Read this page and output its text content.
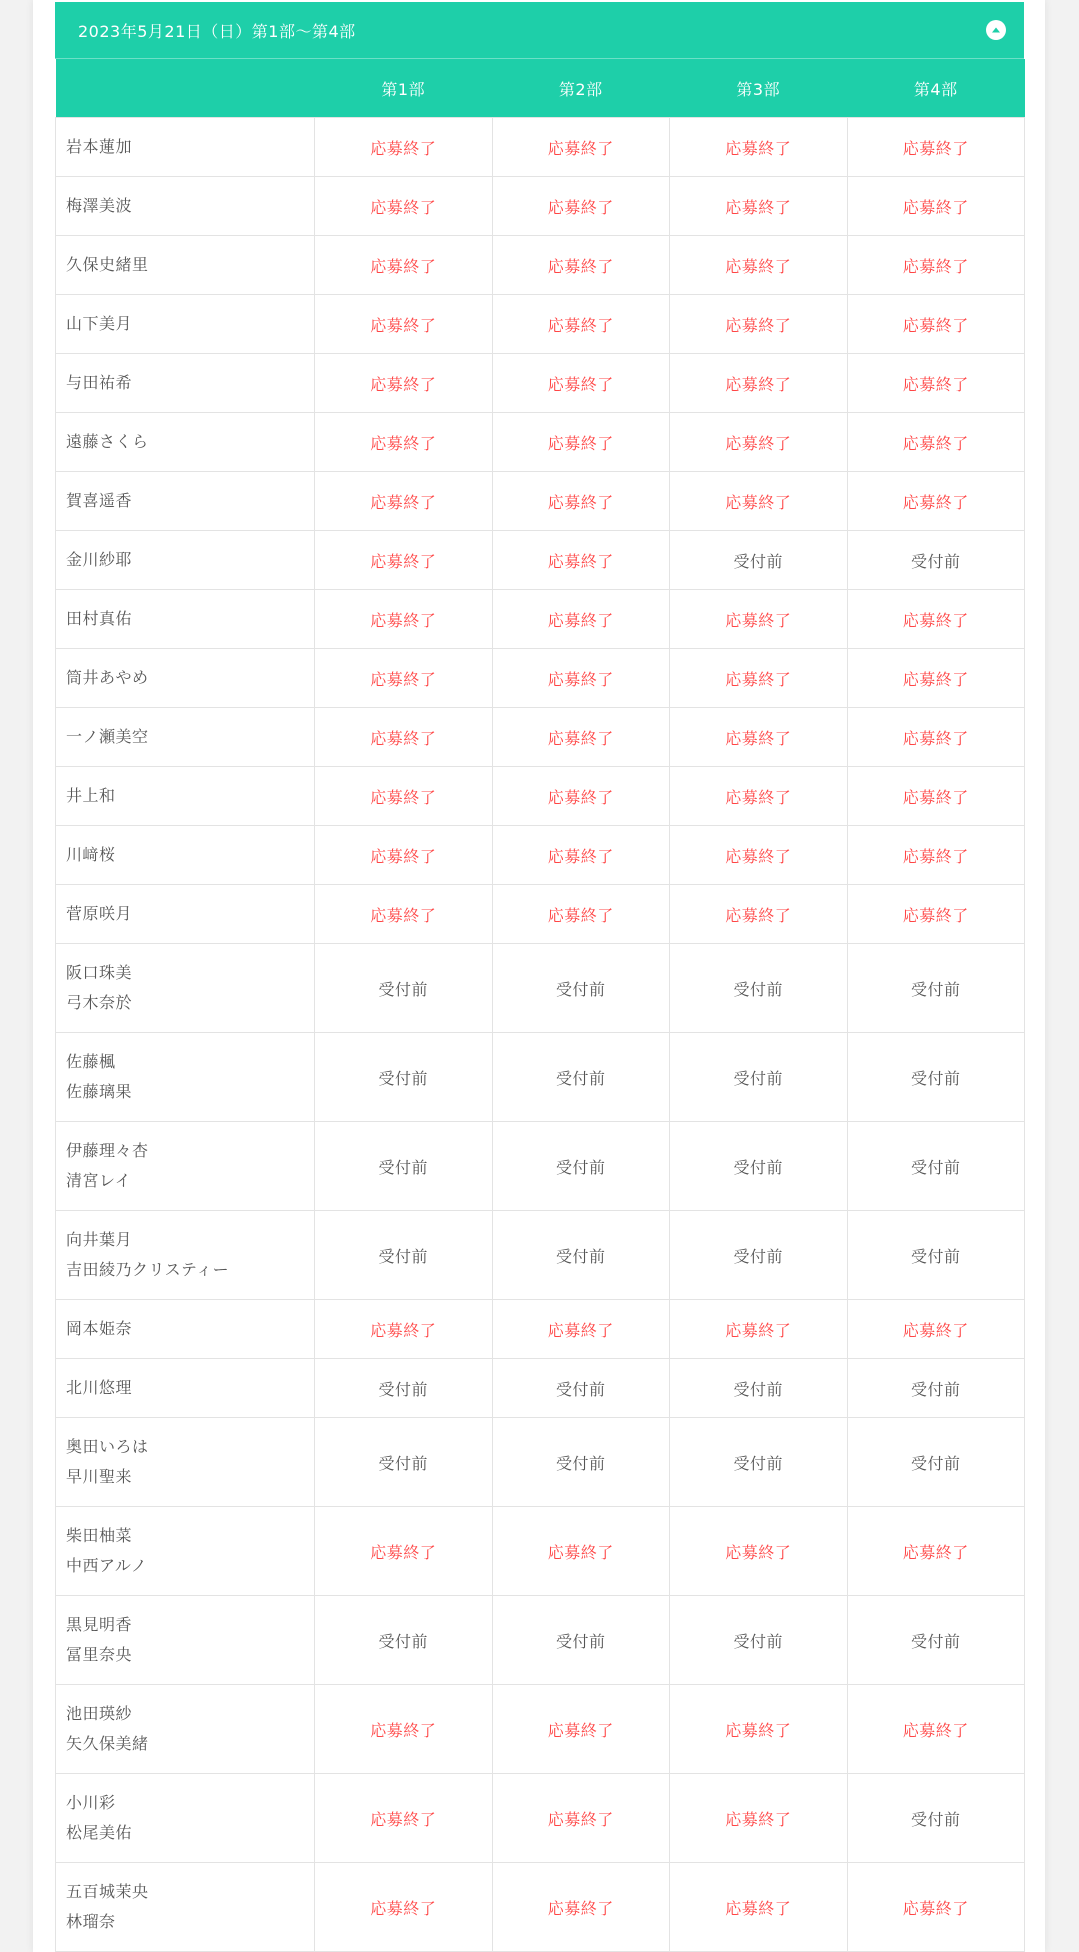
2023年5月21日（日）第1部〜第4部
	第1部	第2部	第3部	第4部

岩本蓮加	応募終了	応募終了	応募終了	応募終了

梅澤美波	応募終了	応募終了	応募終了	応募終了

久保史緒里	応募終了	応募終了	応募終了	応募終了

山下美月	応募終了	応募終了	応募終了	応募終了

与田祐希	応募終了	応募終了	応募終了	応募終了

遠藤さくら	応募終了	応募終了	応募終了	応募終了

賀喜遥香	応募終了	応募終了	応募終了	応募終了

金川紗耶	応募終了	応募終了	受付前	受付前

田村真佑	応募終了	応募終了	応募終了	応募終了

筒井あやめ	応募終了	応募終了	応募終了	応募終了

一ノ瀬美空	応募終了	応募終了	応募終了	応募終了

井上和	応募終了	応募終了	応募終了	応募終了

川﨑桜	応募終了	応募終了	応募終了	応募終了

菅原咲月	応募終了	応募終了	応募終了	応募終了

阪口珠美
弓木奈於	受付前	受付前	受付前	受付前

佐藤楓
佐藤璃果	受付前	受付前	受付前	受付前

伊藤理々杏
清宮レイ	受付前	受付前	受付前	受付前

向井葉月
吉田綾乃クリスティー	受付前	受付前	受付前	受付前

岡本姫奈	応募終了	応募終了	応募終了	応募終了

北川悠理	受付前	受付前	受付前	受付前

奥田いろは
早川聖来	受付前	受付前	受付前	受付前

柴田柚菜
中西アルノ	応募終了	応募終了	応募終了	応募終了

黒見明香
冨里奈央	受付前	受付前	受付前	受付前

池田瑛紗
矢久保美緒	応募終了	応募終了	応募終了	応募終了

小川彩
松尾美佑	応募終了	応募終了	応募終了	受付前

五百城茉央
林瑠奈	応募終了	応募終了	応募終了	応募終了
